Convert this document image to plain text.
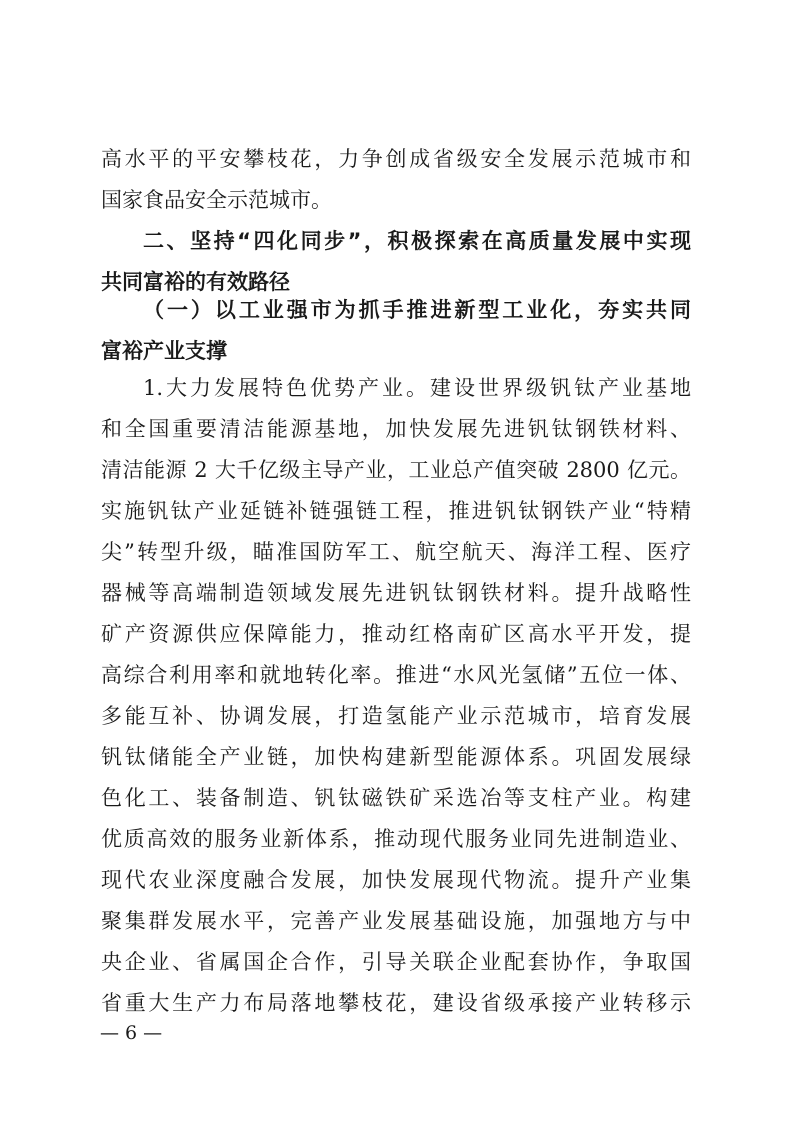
高水平的平安攀枝花，力争创成省级安全发展示范城市和
国家食品安全示范城市。
二、坚持“四化同步”，积极探索在高质量发展中实现
共同富裕的有效路径
（一）以工业强市为抓手推进新型工业化，夯实共同
富裕产业支撑
1.大力发展特色优势产业。建设世界级钒钛产业基地
和全国重要清洁能源基地，加快发展先进钒钛钢铁材料、
清洁能源 2 大千亿级主导产业，工业总产值突破 2800 亿元。
实施钒钛产业延链补链强链工程，推进钒钛钢铁产业“特精
尖”转型升级，瞄准国防军工、航空航天、海洋工程、医疗
器械等高端制造领域发展先进钒钛钢铁材料。提升战略性
矿产资源供应保障能力，推动红格南矿区高水平开发，提
高综合利用率和就地转化率。推进“水风光氢储”五位一体、
多能互补、协调发展，打造氢能产业示范城市，培育发展
钒钛储能全产业链，加快构建新型能源体系。巩固发展绿
色化工、装备制造、钒钛磁铁矿采选冶等支柱产业。构建
优质高效的服务业新体系，推动现代服务业同先进制造业、
现代农业深度融合发展，加快发展现代物流。提升产业集
聚集群发展水平，完善产业发展基础设施，加强地方与中
央企业、省属国企合作，引导关联企业配套协作，争取国
省重大生产力布局落地攀枝花，建设省级承接产业转移示
— 6 —
